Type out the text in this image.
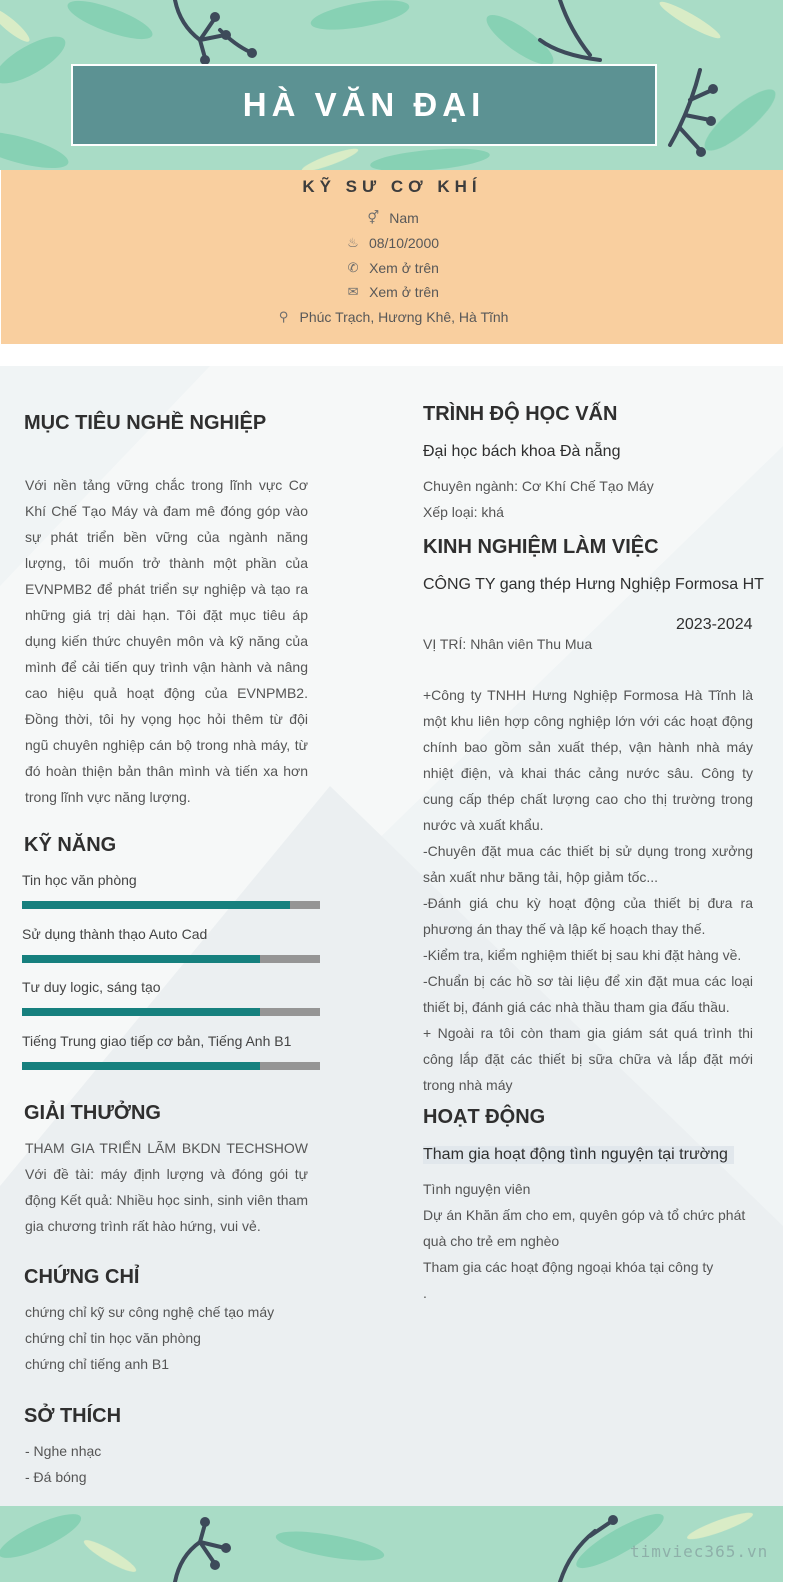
HÀ VĂN ĐẠI
KỸ SƯ CƠ KHÍ
⚥ Nam
♨ 08/10/2000
✆ Xem ở trên
✉ Xem ở trên
⚲ Phúc Trạch, Hương Khê, Hà Tĩnh
MỤC TIÊU NGHỀ NGHIỆP
Với nền tảng vững chắc trong lĩnh vực Cơ Khí Chế Tạo Máy và đam mê đóng góp vào sự phát triển bền vững của ngành năng lượng, tôi muốn trở thành một phần của EVNPMB2 để phát triển sự nghiệp và tạo ra những giá trị dài hạn. Tôi đặt mục tiêu áp dụng kiến thức chuyên môn và kỹ năng của mình để cải tiến quy trình vận hành và nâng cao hiệu quả hoạt động của EVNPMB2. Đồng thời, tôi hy vọng học hỏi thêm từ đội ngũ chuyên nghiệp cán bộ trong nhà máy, từ đó hoàn thiện bản thân mình và tiến xa hơn trong lĩnh vực năng lượng.
KỸ NĂNG
Tin học văn phòng
Sử dụng thành thạo Auto Cad
Tư duy logic, sáng tạo
Tiếng Trung giao tiếp cơ bản, Tiếng Anh B1
GIẢI THƯỞNG
THAM GIA TRIỂN LÃM BKDN TECHSHOW Với đề tài: máy định lượng và đóng gói tự động Kết quả: Nhiều học sinh, sinh viên tham gia chương trình rất hào hứng, vui vẻ.
CHỨNG CHỈ
chứng chỉ kỹ sư công nghệ chế tạo máy
chứng chỉ tin học văn phòng
chứng chỉ tiếng anh B1
SỞ THÍCH
- Nghe nhạc
- Đá bóng
TRÌNH ĐỘ HỌC VẤN
Đại học bách khoa Đà nẵng
Chuyên ngành: Cơ Khí Chế Tạo Máy
Xếp loại: khá
KINH NGHIỆM LÀM VIỆC
CÔNG TY gang thép Hưng Nghiệp Formosa HT
2023-2024
VỊ TRÍ: Nhân viên Thu Mua
+Công ty TNHH Hưng Nghiệp Formosa Hà Tĩnh là một khu liên hợp công nghiệp lớn với các hoạt động chính bao gồm sản xuất thép, vận hành nhà máy nhiệt điện, và khai thác cảng nước sâu. Công ty cung cấp thép chất lượng cao cho thị trường trong nước và xuất khẩu.
-Chuyên đặt mua các thiết bị sử dụng trong xưởng sản xuất như băng tải, hộp giảm tốc...
-Đánh giá chu kỳ hoạt động của thiết bị đưa ra phương án thay thế và lập kế hoạch thay thế.
-Kiểm tra, kiểm nghiệm thiết bị sau khi đặt hàng về.
-Chuẩn bị các hồ sơ tài liệu để xin đặt mua các loại thiết bị, đánh giá các nhà thầu tham gia đấu thầu.
+ Ngoài ra tôi còn tham gia giám sát quá trình thi công lắp đặt các thiết bị sữa chữa và lắp đặt mới trong nhà máy
HOẠT ĐỘNG
Tham gia hoạt động tình nguyện tại trường
Tình nguyện viên
Dự án Khăn ấm cho em, quyên góp và tổ chức phát quà cho trẻ em nghèo
Tham gia các hoạt động ngoại khóa tại công ty
.
timviec365.vn
